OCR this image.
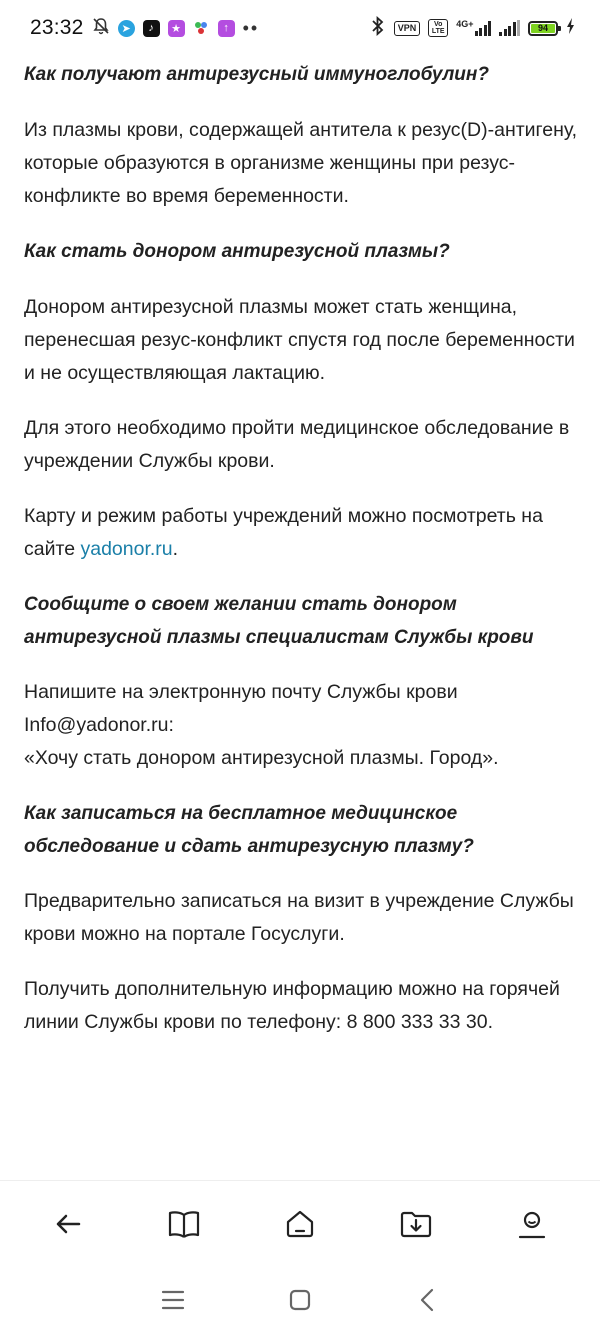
23:32	➤	♪	★	↑ ••	VPN	Vo LTE
4G+	94

Как получают антирезусный иммуноглобулин?

Из плазмы крови, содержащей антитела к резус(D)-антигену, которые образуются в организме женщины при резус-конфликте во время беременности.

Как стать донором антирезусной плазмы?

Донором антирезусной плазмы может стать женщина, перенесшая резус-конфликт спустя год после беременности и не осуществляющая лактацию.

Для этого необходимо пройти медицинское обследование в учреждении Службы крови.

Карту и режим работы учреждений можно посмотреть на сайте yadonor.ru.

Сообщите о своем желании стать донором антирезусной плазмы специалистам Службы крови

Напишите на электронную почту Службы крови
Info@yadonor.ru:
«Хочу стать донором антирезусной плазмы. Город».

Как записаться на бесплатное медицинское обследование и сдать антирезусную плазму?

Предварительно записаться на визит в учреждение Службы крови можно на портале Госуслуги.

Получить дополнительную информацию можно на горячей линии Службы крови по телефону: 8 800 333 33 30.
